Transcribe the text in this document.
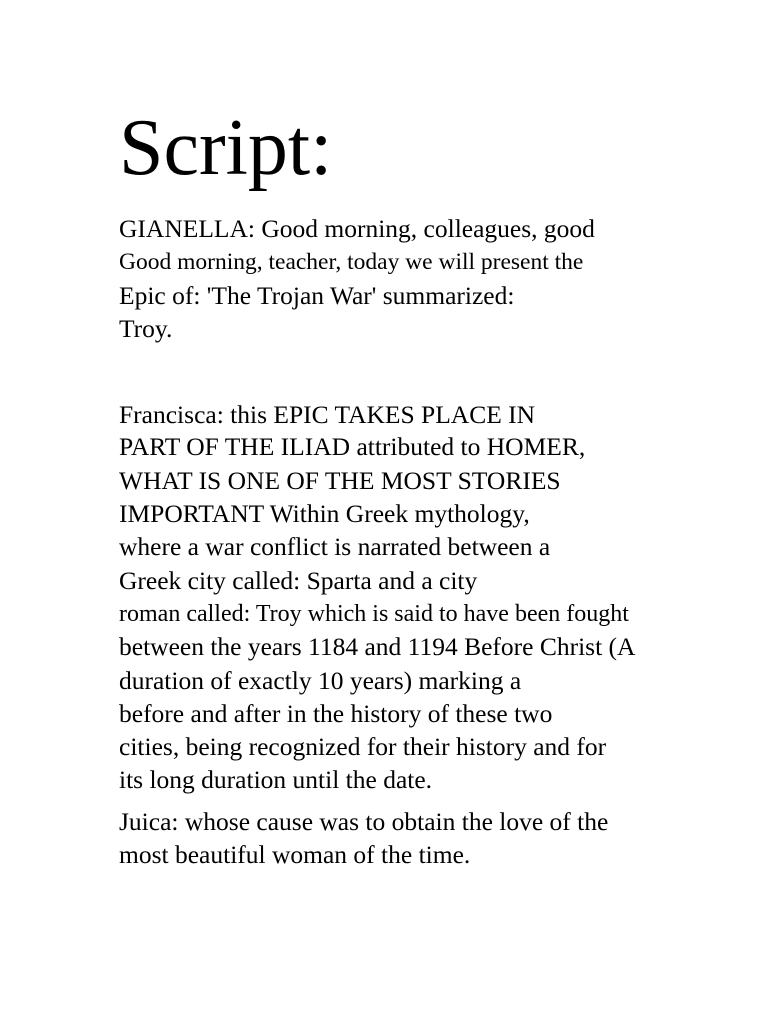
Script:
GIANELLA: Good morning, colleagues, good
Good morning, teacher, today we will present the
Epic of: 'The Trojan War' summarized:
Troy.
Francisca: this EPIC TAKES PLACE IN
PART OF THE ILIAD attributed to HOMER,
WHAT IS ONE OF THE MOST STORIES
IMPORTANT Within Greek mythology,
where a war conflict is narrated between a
Greek city called: Sparta and a city
roman called: Troy which is said to have been fought
between the years 1184 and 1194 Before Christ (A
duration of exactly 10 years) marking a
before and after in the history of these two
cities, being recognized for their history and for
its long duration until the date.
Juica: whose cause was to obtain the love of the
most beautiful woman of the time.
